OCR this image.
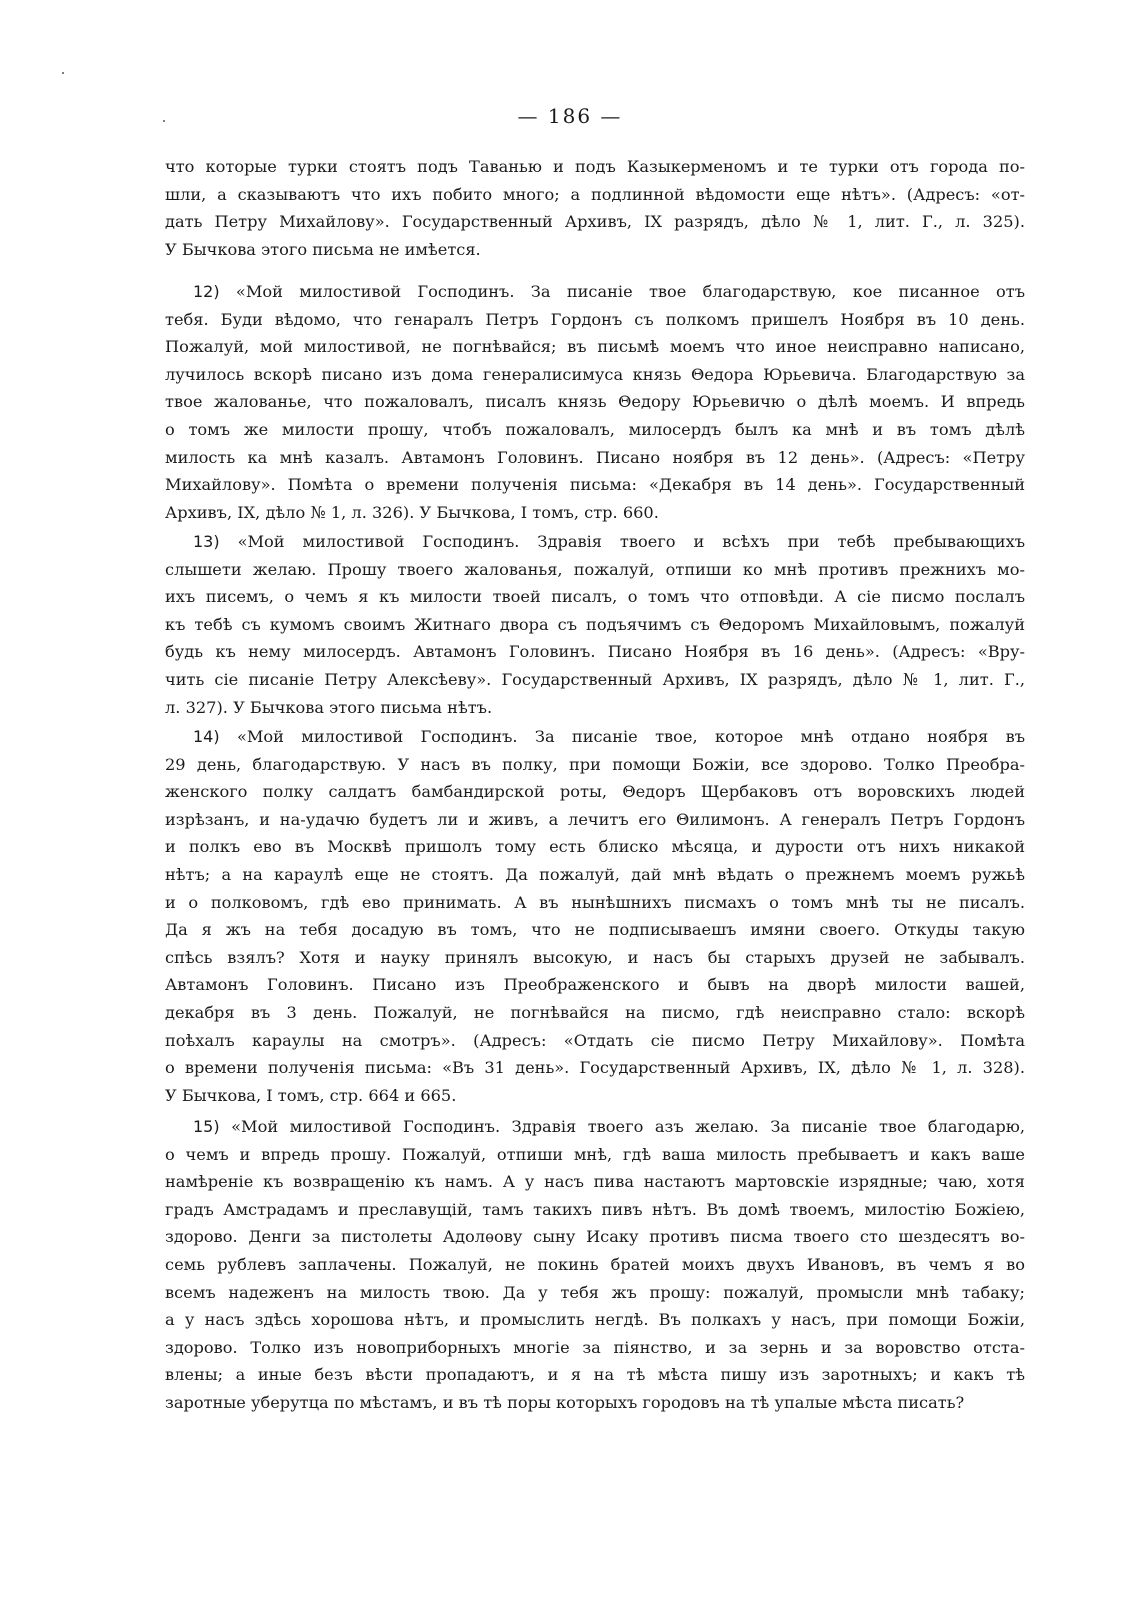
— 186 —
что которые турки стоятъ подъ Таванью и подъ Казыкерменомъ и те турки отъ города по-
шли, а сказываютъ что ихъ побито много; а подлинной вѣдомости еще нѣтъ». (Адресъ: «от-
дать Петру Михайлову». Государственный Архивъ, IX разрядъ, дѣло № 1, лит. Г., л. 325).
У Бычкова этого письма не имѣется.
12) «Мой милостивой Господинъ. За писаніе твое благодарствую, кое писанное отъ
тебя. Буди вѣдомо, что генаралъ Петръ Гордонъ съ полкомъ пришелъ Ноября въ 10 день.
Пожалуй, мой милостивой, не погнѣвайся; въ письмѣ моемъ что иное неисправно написано,
лучилось вскорѣ писано изъ дома генералисимуса князь Θедора Юрьевича. Благодарствую за
твое жалованье, что пожаловалъ, писалъ князь Θедору Юрьевичю о дѣлѣ моемъ. И впредь
о томъ же милости прошу, чтобъ пожаловалъ, милосердъ былъ ка мнѣ и въ томъ дѣлѣ
милость ка мнѣ казалъ. Автамонъ Головинъ. Писано ноября въ 12 день». (Адресъ: «Петру
Михайлову». Помѣта о времени полученія письма: «Декабря въ 14 день». Государственный
Архивъ, IX, дѣло № 1, л. 326). У Бычкова, I томъ, стр. 660.
13) «Мой милостивой Господинъ. Здравія твоего и всѣхъ при тебѣ пребывающихъ
слышети желаю. Прошу твоего жалованья, пожалуй, отпиши ко мнѣ противъ прежнихъ мо-
ихъ писемъ, о чемъ я къ милости твоей писалъ, о томъ что отповѣди. А сіе писмо послалъ
къ тебѣ съ кумомъ своимъ Житнаго двора съ подъячимъ съ Θедоромъ Михайловымъ, пожалуй
будь къ нему милосердъ. Автамонъ Головинъ. Писано Ноября въ 16 день». (Адресъ: «Вру-
чить сіе писаніе Петру Алексѣеву». Государственный Архивъ, IX разрядъ, дѣло № 1, лит. Г.,
л. 327). У Бычкова этого письма нѣтъ.
14) «Мой милостивой Господинъ. За писаніе твое, которое мнѣ отдано ноября въ
29 день, благодарствую. У насъ въ полку, при помощи Божіи, все здорово. Толко Преобра-
женского полку салдатъ бамбандирской роты, Θедоръ Щербаковъ отъ воровскихъ людей
изрѣзанъ, и на-удачю будетъ ли и живъ, а лечитъ его Θилимонъ. А генералъ Петръ Гордонъ
и полкъ ево въ Москвѣ пришолъ тому есть блиско мѣсяца, и дурости отъ нихъ никакой
нѣтъ; а на караулѣ еще не стоятъ. Да пожалуй, дай мнѣ вѣдать о прежнемъ моемъ ружьѣ
и о полковомъ, гдѣ ево принимать. А въ нынѣшнихъ писмахъ о томъ мнѣ ты не писалъ.
Да я жъ на тебя досадую въ томъ, что не подписываешъ имяни своего. Откуды такую
спѣсь взялъ? Хотя и науку принялъ высокую, и насъ бы старыхъ друзей не забывалъ.
Автамонъ Головинъ. Писано изъ Преображенского и бывъ на дворѣ милости вашей,
декабря въ 3 день. Пожалуй, не погнѣвайся на писмо, гдѣ неисправно стало: вскорѣ
поѣхалъ караулы на смотръ». (Адресъ: «Отдать сіе писмо Петру Михайлову». Помѣта
о времени полученія письма: «Въ 31 день». Государственный Архивъ, IX, дѣло № 1, л. 328).
У Бычкова, I томъ, стр. 664 и 665.
15) «Мой милостивой Господинъ. Здравія твоего азъ желаю. За писаніе твое благодарю,
о чемъ и впредь прошу. Пожалуй, отпиши мнѣ, гдѣ ваша милость пребываетъ и какъ ваше
намѣреніе къ возвращенію къ намъ. А у насъ пива настаютъ мартовскіе изрядные; чаю, хотя
градъ Амстрадамъ и преславущій, тамъ такихъ пивъ нѣтъ. Въ домѣ твоемъ, милостію Божіею,
здорово. Денги за пистолеты Адолѳову сыну Исаку противъ писма твоего сто шездесятъ во-
семь рублевъ заплачены. Пожалуй, не покинь братей моихъ двухъ Ивановъ, въ чемъ я во
всемъ надеженъ на милость твою. Да у тебя жъ прошу: пожалуй, промысли мнѣ табаку;
а у насъ здѣсь хорошова нѣтъ, и промыслить негдѣ. Въ полкахъ у насъ, при помощи Божіи,
здорово. Толко изъ новоприборныхъ многіе за піянство, и за зернь и за воровство отста-
влены; а иные безъ вѣсти пропадаютъ, и я на тѣ мѣста пишу изъ заротныхъ; и какъ тѣ
заротные уберутца по мѣстамъ, и въ тѣ поры которыхъ городовъ на тѣ упалые мѣста писать?
